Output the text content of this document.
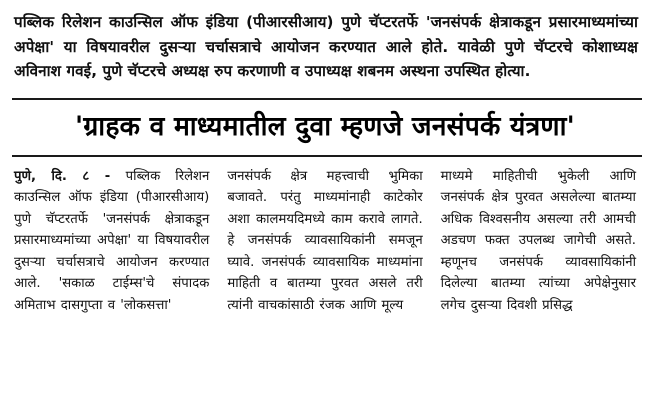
पब्लिक रिलेशन काउन्सिल ऑफ इंडिया (पीआरसीआय) पुणे चॅप्टरतर्फे 'जनसंपर्क क्षेत्राकडून प्रसारमाध्यमांच्या अपेक्षा' या विषयावरील दुसऱ्या चर्चासत्राचे आयोजन करण्यात आले होते. यावेळी पुणे चॅप्टरचे कोशाध्यक्ष अविनाश गवई, पुणे चॅप्टरचे अध्यक्ष रुप करणाणी व उपाध्यक्ष शबनम अस्थना उपस्थित होत्या.
'ग्राहक व माध्यमातील दुवा म्हणजे जनसंपर्क यंत्रणा'

पुणे, दि. ८ - पब्लिक रिलेशन काउन्सिल ऑफ इंडिया (पीआरसीआय) पुणे चॅप्टरतर्फे 'जनसंपर्क क्षेत्राकडून प्रसारमाध्यमांच्या अपेक्षा' या विषयावरील दुसऱ्या चर्चासत्राचे आयोजन करण्यात आले. 'सकाळ टाईम्स'चे संपादक अमिताभ दासगुप्ता व 'लोकसत्ता'

जनसंपर्क क्षेत्र महत्त्वाची भुमिका बजावते. परंतु माध्यमांनाही काटेकोर अशा कालमयदिमध्ये काम करावे लागते. हे जनसंपर्क व्यावसायिकांनी समजून घ्यावे. जनसंपर्क व्यावसायिक माध्यमांना माहिती व बातम्या पुरवत असले तरी त्यांनी वाचकांसाठी रंजक आणि मूल्य

माध्यमे माहितीची भुकेली आणि जनसंपर्क क्षेत्र पुरवत असलेल्या बातम्या अधिक विश्वसनीय असल्या तरी आमची अडचण फक्त उपलब्ध जागेची असते. म्हणूनच जनसंपर्क व्यावसायिकांनी दिलेल्या बातम्या त्यांच्या अपेक्षेनुसार लगेच दुसऱ्या दिवशी प्रसिद्ध
